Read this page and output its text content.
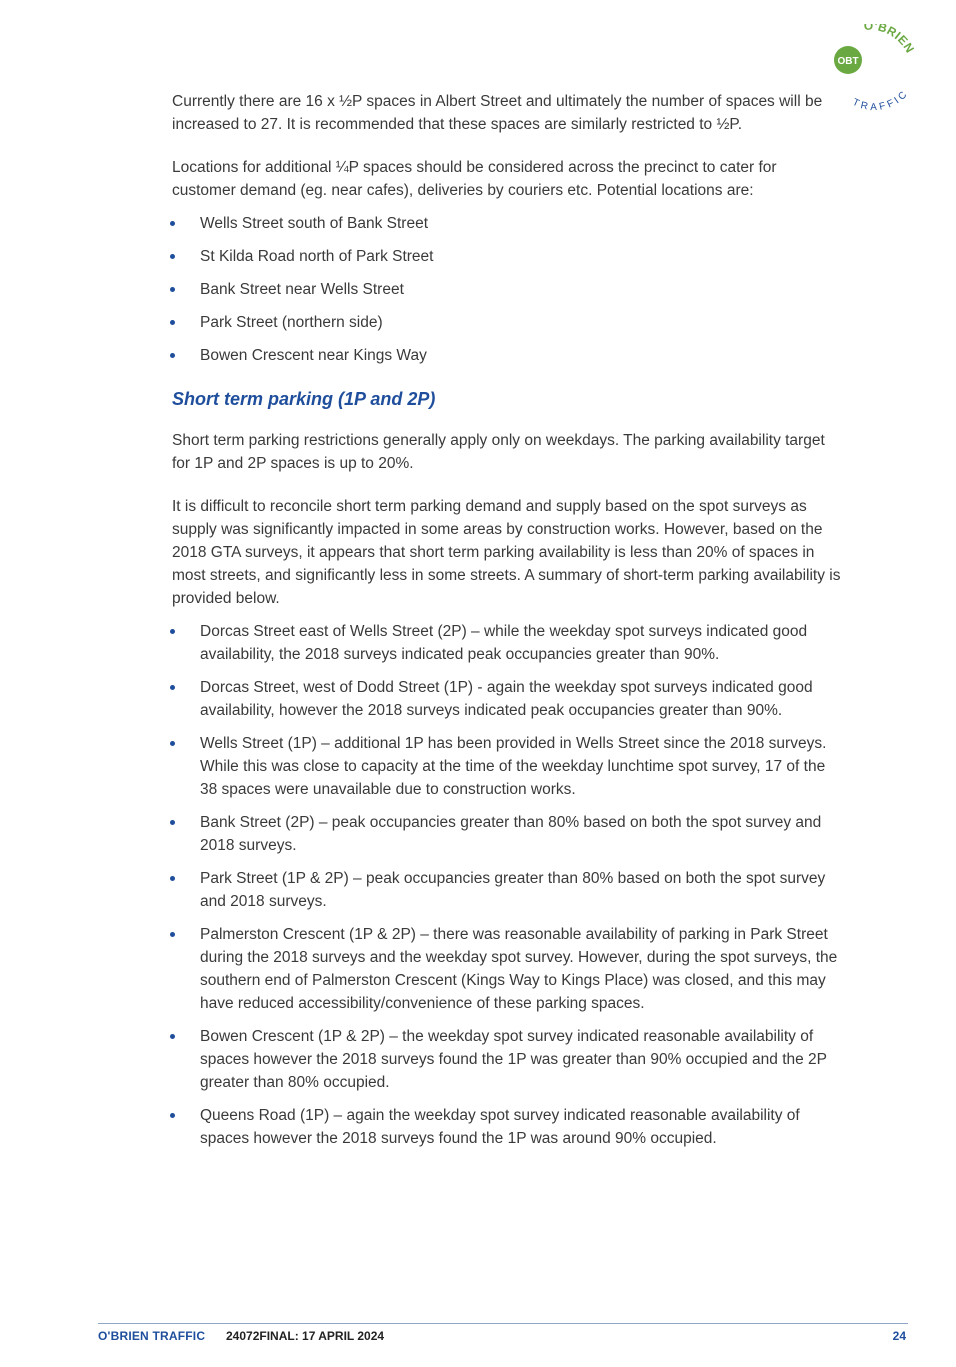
OBT
O'BRIEN
TRAFFIC

Currently there are 16 x ½P spaces in Albert Street and ultimately the number of spaces will be increased to 27. It is recommended that these spaces are similarly restricted to ½P.

Locations for additional ¼P spaces should be considered across the precinct to cater for customer demand (eg. near cafes), deliveries by couriers etc. Potential locations are:

Wells Street south of Bank Street
St Kilda Road north of Park Street
Bank Street near Wells Street
Park Street (northern side)
Bowen Crescent near Kings Way
Short term parking (1P and 2P)

Short term parking restrictions generally apply only on weekdays. The parking availability target for 1P and 2P spaces is up to 20%.

It is difficult to reconcile short term parking demand and supply based on the spot surveys as supply was significantly impacted in some areas by construction works. However, based on the 2018 GTA surveys, it appears that short term parking availability is less than 20% of spaces in most streets, and significantly less in some streets. A summary of short-term parking availability is provided below.

Dorcas Street east of Wells Street (2P) – while the weekday spot surveys indicated good availability, the 2018 surveys indicated peak occupancies greater than 90%.
Dorcas Street, west of Dodd Street (1P) - again the weekday spot surveys indicated good availability, however the 2018 surveys indicated peak occupancies greater than 90%.
Wells Street (1P) – additional 1P has been provided in Wells Street since the 2018 surveys. While this was close to capacity at the time of the weekday lunchtime spot survey, 17 of the 38 spaces were unavailable due to construction works.
Bank Street (2P) – peak occupancies greater than 80% based on both the spot survey and 2018 surveys.
Park Street (1P & 2P) – peak occupancies greater than 80% based on both the spot survey and 2018 surveys.
Palmerston Crescent (1P & 2P) – there was reasonable availability of parking in Park Street during the 2018 surveys and the weekday spot survey. However, during the spot surveys, the southern end of Palmerston Crescent (Kings Way to Kings Place) was closed, and this may have reduced accessibility/convenience of these parking spaces.
Bowen Crescent (1P & 2P) – the weekday spot survey indicated reasonable availability of spaces however the 2018 surveys found the 1P was greater than 90% occupied and the 2P greater than 80% occupied.
Queens Road (1P) – again the weekday spot survey indicated reasonable availability of spaces however the 2018 surveys found the 1P was around 90% occupied.
O'BRIEN TRAFFIC 24072FINAL: 17 APRIL 2024	24
